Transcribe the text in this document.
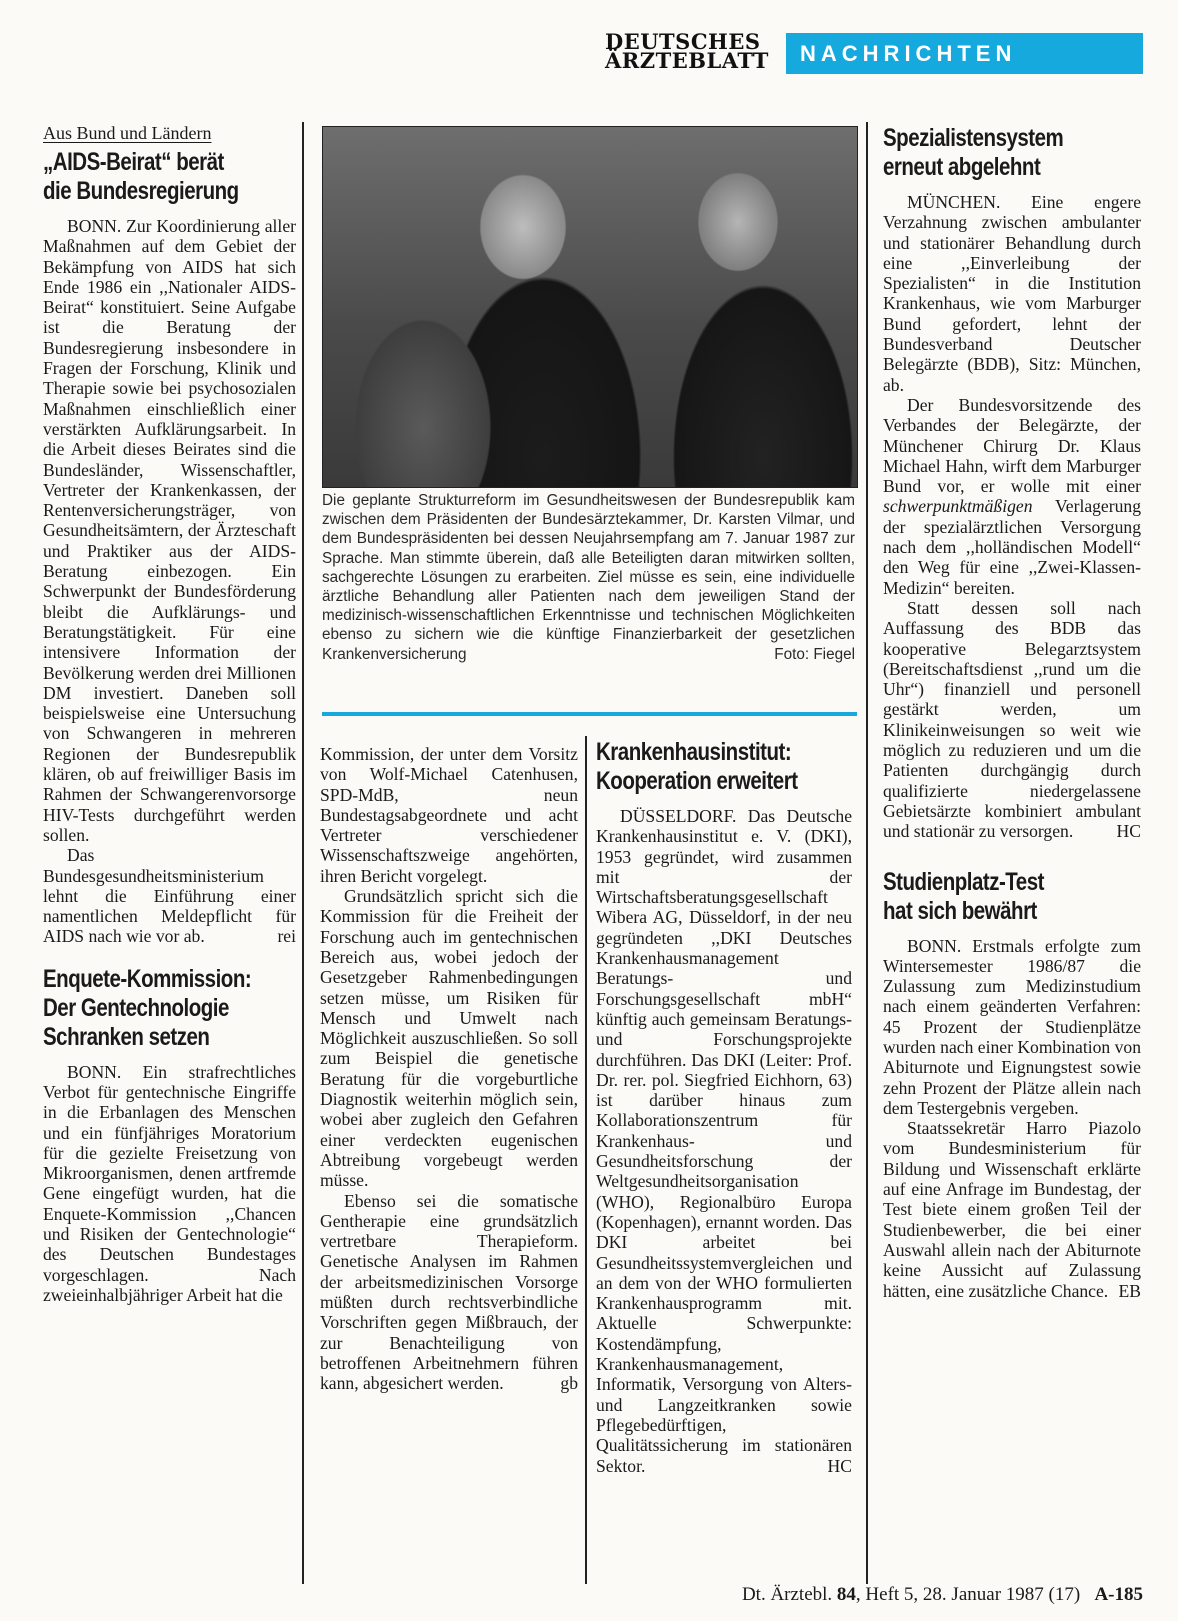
DEUTSCHES
ÄRZTEBLATT	NACHRICHTEN
Aus Bund und Ländern
„AIDS-Beirat“ berät
die Bundesregierung

BONN. Zur Koordinierung aller Maßnahmen auf dem Gebiet der Bekämpfung von AIDS hat sich Ende 1986 ein ,,Nationaler AIDS-Beirat“ konstituiert. Seine Aufgabe ist die Beratung der Bundesregierung insbesondere in Fragen der Forschung, Klinik und Therapie sowie bei psychosozialen Maßnahmen einschließlich einer verstärkten Aufklärungsarbeit. In die Arbeit dieses Beirates sind die Bundesländer, Wissenschaftler, Vertreter der Krankenkassen, der Rentenversicherungsträger, von Gesundheitsämtern, der Ärzteschaft und Praktiker aus der AIDS-Beratung einbezogen. Ein Schwerpunkt der Bundesförderung bleibt die Aufklärungs- und Beratungstätigkeit. Für eine intensivere Information der Bevölkerung werden drei Millionen DM investiert. Daneben soll beispielsweise eine Untersuchung von Schwangeren in mehreren Regionen der Bundesrepublik klären, ob auf freiwilliger Basis im Rahmen der Schwangerenvorsorge HIV-Tests durchgeführt werden sollen.

Das Bundesgesundheitsministerium lehnt die Einführung einer namentlichen Meldepflicht für AIDS nach wie vor ab.	rei

Enquete-Kommission:
Der Gentechnologie
Schranken setzen

BONN. Ein strafrechtliches Verbot für gentechnische Eingriffe in die Erbanlagen des Menschen und ein fünfjähriges Moratorium für die gezielte Freisetzung von Mikroorganismen, denen artfremde Gene eingefügt wurden, hat die Enquete-Kommission ,,Chancen und Risiken der Gentechnologie“ des Deutschen Bundestages vorgeschlagen. Nach zweieinhalbjähriger Arbeit hat die

Die geplante Strukturreform im Gesundheitswesen der Bundesrepublik kam zwischen dem Präsidenten der Bundesärztekammer, Dr. Karsten Vilmar, und dem Bundespräsidenten bei dessen Neujahrsempfang am 7. Januar 1987 zur Sprache. Man stimmte überein, daß alle Beteiligten daran mitwirken sollten, sachgerechte Lösungen zu erarbeiten. Ziel müsse es sein, eine individuelle ärztliche Behandlung aller Patienten nach dem jeweiligen Stand der medizinisch-wissenschaftlichen Erkenntnisse und technischen Möglichkeiten ebenso zu sichern wie die künftige Finanzierbarkeit der gesetzlichen Krankenversicherung	Foto: Fiegel

Kommission, der unter dem Vorsitz von Wolf-Michael Catenhusen, SPD-MdB, neun Bundestagsabgeordnete und acht Vertreter verschiedener Wissenschaftszweige angehörten, ihren Bericht vorgelegt.

Grundsätzlich spricht sich die Kommission für die Freiheit der Forschung auch im gentechnischen Bereich aus, wobei jedoch der Gesetzgeber Rahmenbedingungen setzen müsse, um Risiken für Mensch und Umwelt nach Möglichkeit auszuschließen. So soll zum Beispiel die genetische Beratung für die vorgeburtliche Diagnostik weiterhin möglich sein, wobei aber zugleich den Gefahren einer verdeckten eugenischen Abtreibung vorgebeugt werden müsse.

Ebenso sei die somatische Gentherapie eine grundsätzlich vertretbare Therapieform. Genetische Analysen im Rahmen der arbeitsmedizinischen Vorsorge müßten durch rechtsverbindliche Vorschriften gegen Mißbrauch, der zur Benachteiligung von betroffenen Arbeitnehmern führen kann, abgesichert werden.	gb

Krankenhausinstitut:
Kooperation erweitert

DÜSSELDORF. Das Deutsche Krankenhausinstitut e. V. (DKI), 1953 gegründet, wird zusammen mit der Wirtschaftsberatungsgesellschaft Wibera AG, Düsseldorf, in der neu gegründeten ,,DKI Deutsches Krankenhausmanagement Beratungs- und Forschungsgesellschaft mbH“ künftig auch gemeinsam Beratungs- und Forschungsprojekte durchführen. Das DKI (Leiter: Prof. Dr. rer. pol. Siegfried Eichhorn, 63) ist darüber hinaus zum Kollaborationszentrum für Krankenhaus- und Gesundheitsforschung der Weltgesundheitsorganisation (WHO), Regionalbüro Europa (Kopenhagen), ernannt worden. Das DKI arbeitet bei Gesundheitssystemvergleichen und an dem von der WHO formulierten Krankenhausprogramm mit. Aktuelle Schwerpunkte: Kostendämpfung, Krankenhausmanagement, Informatik, Versorgung von Alters- und Langzeitkranken sowie Pflegebedürftigen, Qualitätssicherung im stationären Sektor.	HC

Spezialistensystem
erneut abgelehnt

MÜNCHEN. Eine engere Verzahnung zwischen ambulanter und stationärer Behandlung durch eine ,,Einverleibung der Spezialisten“ in die Institution Krankenhaus, wie vom Marburger Bund gefordert, lehnt der Bundesverband Deutscher Belegärzte (BDB), Sitz: München, ab.

Der Bundesvorsitzende des Verbandes der Belegärzte, der Münchener Chirurg Dr. Klaus Michael Hahn, wirft dem Marburger Bund vor, er wolle mit einer schwerpunktmäßigen Verlagerung der spezialärztlichen Versorgung nach dem ,,holländischen Modell“ den Weg für eine ,,Zwei-Klassen-Medizin“ bereiten.

Statt dessen soll nach Auffassung des BDB das kooperative Belegarztsystem (Bereitschaftsdienst ,,rund um die Uhr“) finanziell und personell gestärkt werden, um Klinikeinweisungen so weit wie möglich zu reduzieren und um die Patienten durchgängig durch qualifizierte niedergelassene Gebietsärzte kombiniert ambulant und stationär zu versorgen. HC

Studienplatz-Test
hat sich bewährt

BONN. Erstmals erfolgte zum Wintersemester 1986/87 die Zulassung zum Medizinstudium nach einem geänderten Verfahren: 45 Prozent der Studienplätze wurden nach einer Kombination von Abiturnote und Eignungstest sowie zehn Prozent der Plätze allein nach dem Testergebnis vergeben.

Staatssekretär Harro Piazolo vom Bundesministerium für Bildung und Wissenschaft erklärte auf eine Anfrage im Bundestag, der Test biete einem großen Teil der Studienbewerber, die bei einer Auswahl allein nach der Abiturnote keine Aussicht auf Zulassung hätten, eine zusätzliche Chance. EB

Dt. Ärztebl. 84, Heft 5, 28. Januar 1987 (17) A-185
